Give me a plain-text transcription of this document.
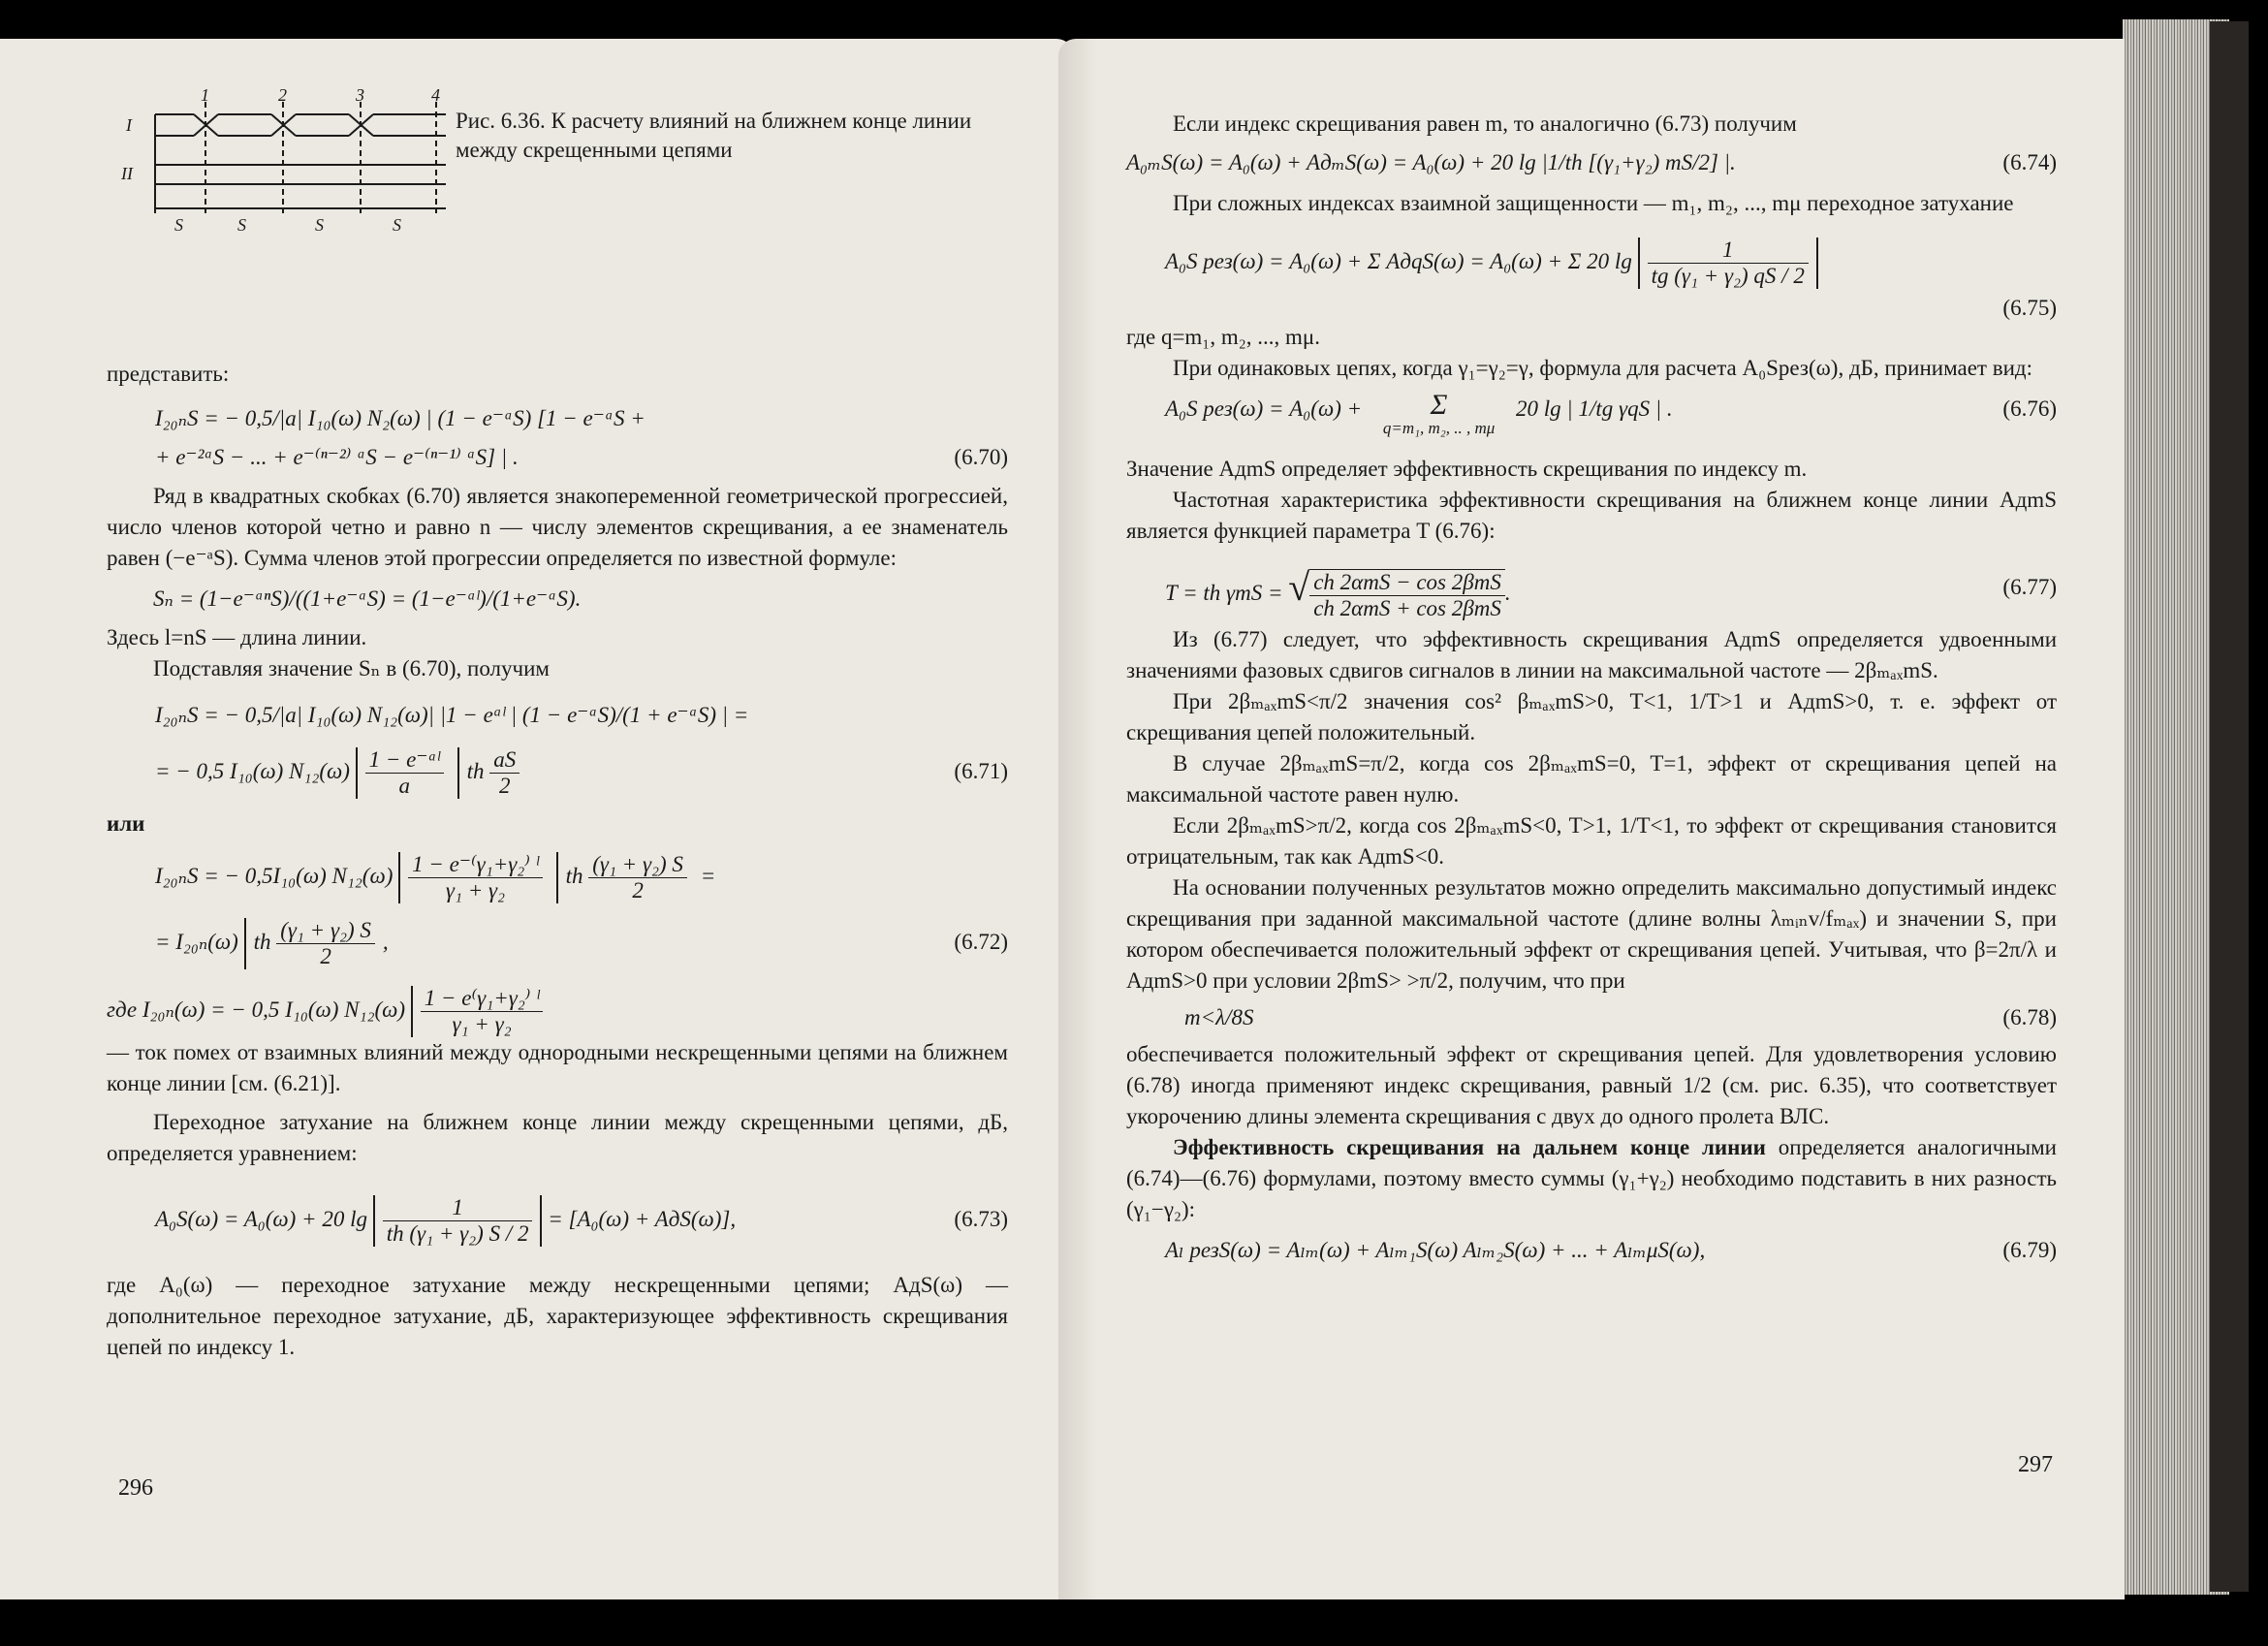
1	2	3	4
I
II
S	S	S	S
Рис. 6.36. К расчету влияний на ближнем конце линии между скрещенными цепями

представить:

I₂₀ₙS = − 0,5/|a| I₁₀(ω) N₂(ω) | (1 − e⁻ᵃS) [1 − e⁻ᵃS +
+ e⁻²ᵃS − ... + e⁻⁽ⁿ⁻²⁾ ᵃS − e⁻⁽ⁿ⁻¹⁾ ᵃS] | .	(6.70)

Ряд в квадратных скобках (6.70) является знакопеременной геометрической прогрессией, число членов которой четно и равно n — числу элементов скрещивания, а ее знаменатель равен (−e⁻ᵃS). Сумма членов этой прогрессии определяется по известной формуле:

Sₙ = (1−e⁻ᵃⁿS)/((1+e⁻ᵃS) = (1−e⁻ᵃˡ)/(1+e⁻ᵃS).

Здесь l=nS — длина линии.

Подставляя значение Sₙ в (6.70), получим

I₂₀ₙS = − 0,5/|a| I₁₀(ω) N₁₂(ω)| |1 − eᵃˡ | (1 − e⁻ᵃS)/(1 + e⁻ᵃS) | =
= − 0,5 I₁₀(ω) $N_{12}(\omega) \frac{\text{1 − e⁻ᵃˡ}}{a}$ th $\frac{aS}{2}$	(6.71)

или

I₂₀ₙS = − 0,5I₁₀(ω) $N_{12}(\omega) \frac{\text{1 − e⁻⁽γ₁+γ₂⁾ ˡ}}{\text{γ₁ + γ₂}}$ th $\frac{\text{(γ₁ + γ₂) S}}{2}$ =
= I₂₀ₙ(ω) th $\frac{\text{(γ₁ + γ₂) S}}{2}$ ,	(6.72)
где I₂₀ₙ(ω) = − 0,5 I₁₀(ω) $N_{12}(\omega) \frac{\text{1 − e⁽γ₁+γ₂⁾ ˡ}}{\text{γ₁ + γ₂}}$

— ток помех от взаимных влияний между однородными нескрещенными цепями на ближнем конце линии [см. (6.21)].

Переходное затухание на ближнем конце линии между скрещенными цепями, дБ, определяется уравнением:

A₀S(ω) = A₀(ω) + 20 $\lg \frac{1}{\text{th (γ₁ + γ₂) S / 2}} = [A_0(\omega) + AдS(\omega)]$,	(6.73)

где A₀(ω) — переходное затухание между нескрещенными цепями; AдS(ω) — дополнительное переходное затухание, дБ, характеризующее эффективность скрещивания цепей по индексу 1.

296

Если индекс скрещивания равен m, то аналогично (6.73) получим

A₀ₘS(ω) = A₀(ω) + AдₘS(ω) = A₀(ω) + 20 lg |1/th [(γ₁+γ₂) mS/2] |.	(6.74)

При сложных индексах взаимной защищенности — m₁, m₂, ..., mμ переходное затухание

A₀S рез(ω) = A₀(ω) + Σ AдqS(ω) = A₀(ω) + Σ 20 $\lg \frac{1}{\text{tg (γ₁ + γ₂) qS / 2}}$
(6.75)

где q=m₁, m₂, ..., mμ.

При одинаковых цепях, когда γ₁=γ₂=γ, формула для расчета A₀Sрез(ω), дБ, принимает вид:

A₀S рез(ω) = A₀(ω) +	Σ
q=m₁, m₂, .. , mμ
20 lg | 1/tg γqS | .	(6.76)

Значение AдmS определяет эффективность скрещивания по индексу m.

Частотная характеристика эффективности скрещивания на ближнем конце линии AдmS является функцией параметра T (6.76):

T = th γmS = √ $\frac{\text{ch 2αmS − cos 2βmS}}{\text{ch 2αmS + cos 2βmS}}$ .	(6.77)

Из (6.77) следует, что эффективность скрещивания AдmS определяется удвоенными значениями фазовых сдвигов сигналов в линии на максимальной частоте — 2βₘₐₓmS.

При 2βₘₐₓmS<π/2 значения cos² βₘₐₓmS>0, T<1, 1/T>1 и AдmS>0, т. е. эффект от скрещивания цепей положительный.

В случае 2βₘₐₓmS=π/2, когда cos 2βₘₐₓmS=0, T=1, эффект от скрещивания цепей на максимальной частоте равен нулю.

Если 2βₘₐₓmS>π/2, когда cos 2βₘₐₓmS<0, T>1, 1/T<1, то эффект от скрещивания становится отрицательным, так как AдmS<0.

На основании полученных результатов можно определить максимально допустимый индекс скрещивания при заданной максимальной частоте (длине волны λₘᵢₙv/fₘₐₓ) и значении S, при котором обеспечивается положительный эффект от скрещивания цепей. Учитывая, что β=2π/λ и AдmS>0 при условии 2βmS> >π/2, получим, что при

m<λ/8S	(6.78)

обеспечивается положительный эффект от скрещивания цепей. Для удовлетворения условию (6.78) иногда применяют индекс скрещивания, равный 1/2 (см. рис. 6.35), что соответствует укорочению длины элемента скрещивания с двух до одного пролета ВЛС.

Эффективность скрещивания на дальнем конце линии определяется аналогичными (6.74)—(6.76) формулами, поэтому вместо суммы (γ₁+γ₂) необходимо подставить в них разность (γ₁−γ₂):

Aₗ резS(ω) = Aₗₘ(ω) + Aₗₘ₁S(ω) Aₗₘ₂S(ω) + ... + AₗₘμS(ω),	(6.79)
297
